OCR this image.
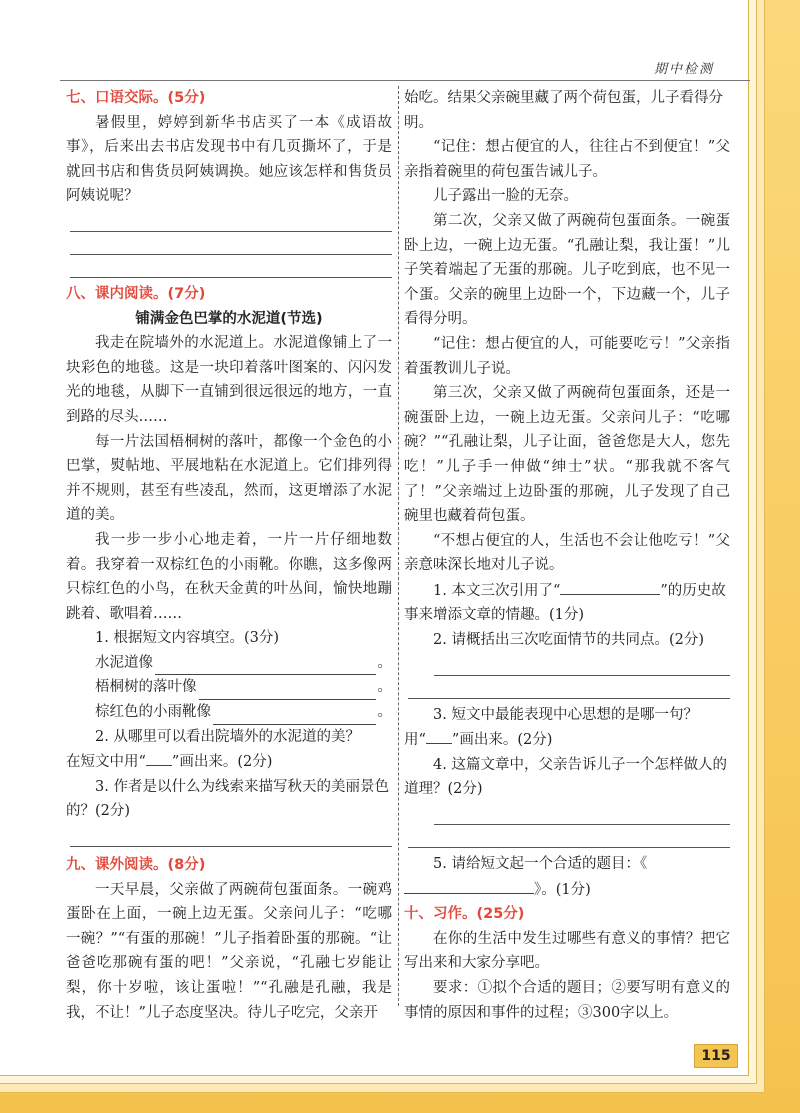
期中检测
七、口语交际。(5分)

暑假里，婷婷到新华书店买了一本《成语故事》，后来出去书店发现书中有几页撕坏了，于是就回书店和售货员阿姨调换。她应该怎样和售货员阿姨说呢？

八、课内阅读。(7分)

铺满金色巴掌的水泥道(节选)

我走在院墙外的水泥道上。水泥道像铺上了一块彩色的地毯。这是一块印着落叶图案的、闪闪发光的地毯，从脚下一直铺到很远很远的地方，一直到路的尽头……

每一片法国梧桐树的落叶，都像一个金色的小巴掌，熨帖地、平展地粘在水泥道上。它们排列得并不规则，甚至有些凌乱，然而，这更增添了水泥道的美。

我一步一步小心地走着，一片一片仔细地数着。我穿着一双棕红色的小雨靴。你瞧，这多像两只棕红色的小鸟，在秋天金黄的叶丛间，愉快地蹦跳着、歌唱着……

1. 根据短文内容填空。(3分)

水泥道像	。
梧桐树的落叶像	。
棕红色的小雨靴像	。

2. 从哪里可以看出院墙外的水泥道的美？

在短文中用“ ”画出来。(2分)

3. 作者是以什么为线索来描写秋天的美丽景色的？(2分)

九、课外阅读。(8分)

一天早晨，父亲做了两碗荷包蛋面条。一碗鸡蛋卧在上面，一碗上边无蛋。父亲问儿子：“吃哪一碗？”“有蛋的那碗！”儿子指着卧蛋的那碗。“让爸爸吃那碗有蛋的吧！”父亲说，“孔融七岁能让梨，你十岁啦，该让蛋啦！”“孔融是孔融，我是我，不让！”儿子态度坚决。待儿子吃完，父亲开

始吃。结果父亲碗里藏了两个荷包蛋，儿子看得分明。

“记住：想占便宜的人，往往占不到便宜！”父亲指着碗里的荷包蛋告诫儿子。

儿子露出一脸的无奈。

第二次，父亲又做了两碗荷包蛋面条。一碗蛋卧上边，一碗上边无蛋。“孔融让梨，我让蛋！”儿子笑着端起了无蛋的那碗。儿子吃到底，也不见一个蛋。父亲的碗里上边卧一个，下边藏一个，儿子看得分明。

“记住：想占便宜的人，可能要吃亏！”父亲指着蛋教训儿子说。

第三次，父亲又做了两碗荷包蛋面条，还是一碗蛋卧上边，一碗上边无蛋。父亲问儿子：“吃哪碗？”“孔融让梨，儿子让面，爸爸您是大人，您先吃！”儿子手一伸做“绅士”状。“那我就不客气了！”父亲端过上边卧蛋的那碗，儿子发现了自己碗里也藏着荷包蛋。

“不想占便宜的人，生活也不会让他吃亏！”父亲意味深长地对儿子说。

1. 本文三次引用了“	”的历史故事来增添文章的情趣。(1分)

2. 请概括出三次吃面情节的共同点。(2分)

3. 短文中最能表现中心思想的是哪一句？

用“ ”画出来。(2分)

4. 这篇文章中，父亲告诉儿子一个怎样做人的道理？(2分)

5. 请给短文起一个合适的题目：《》。(1分)

十、习作。(25分)

在你的生活中发生过哪些有意义的事情？把它写出来和大家分享吧。

要求：①拟个合适的题目；②要写明有意义的事情的原因和事件的过程；③300字以上。

115
